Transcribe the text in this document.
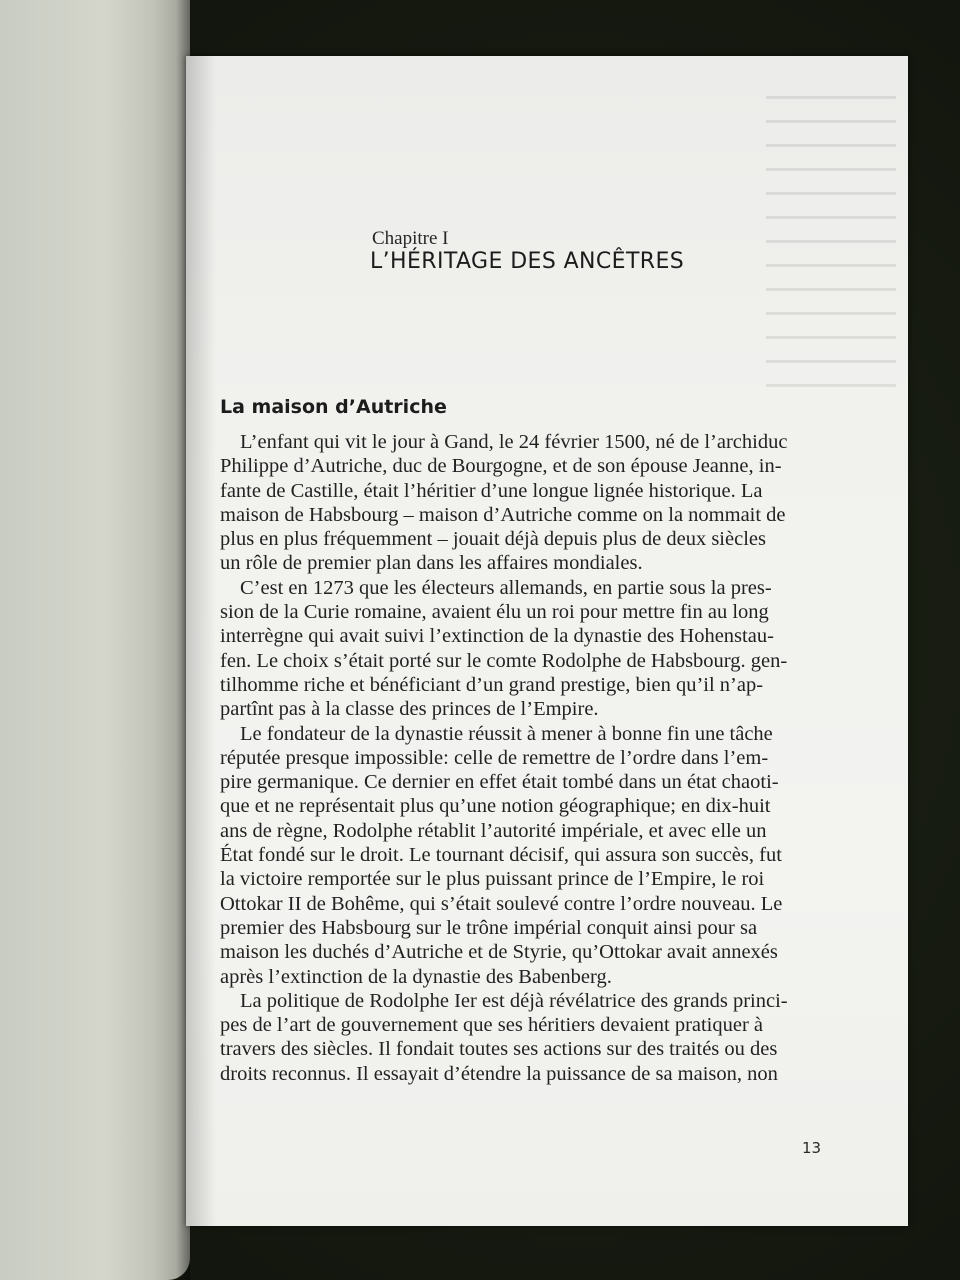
Chapitre I
L’HÉRITAGE DES ANCÊTRES
La maison d’Autriche
L’enfant qui vit le jour à Gand, le 24 février 1500, né de l’archiduc
Philippe d’Autriche, duc de Bourgogne, et de son épouse Jeanne, in-
fante de Castille, était l’héritier d’une longue lignée historique. La
maison de Habsbourg – maison d’Autriche comme on la nommait de
plus en plus fréquemment – jouait déjà depuis plus de deux siècles
un rôle de premier plan dans les affaires mondiales.
C’est en 1273 que les électeurs allemands, en partie sous la pres-
sion de la Curie romaine, avaient élu un roi pour mettre fin au long
interrègne qui avait suivi l’extinction de la dynastie des Hohenstau-
fen. Le choix s’était porté sur le comte Rodolphe de Habsbourg. gen-
tilhomme riche et bénéficiant d’un grand prestige, bien qu’il n’ap-
partînt pas à la classe des princes de l’Empire.
Le fondateur de la dynastie réussit à mener à bonne fin une tâche
réputée presque impossible: celle de remettre de l’ordre dans l’em-
pire germanique. Ce dernier en effet était tombé dans un état chaoti-
que et ne représentait plus qu’une notion géographique; en dix-huit
ans de règne, Rodolphe rétablit l’autorité impériale, et avec elle un
État fondé sur le droit. Le tournant décisif, qui assura son succès, fut
la victoire remportée sur le plus puissant prince de l’Empire, le roi
Ottokar II de Bohême, qui s’était soulevé contre l’ordre nouveau. Le
premier des Habsbourg sur le trône impérial conquit ainsi pour sa
maison les duchés d’Autriche et de Styrie, qu’Ottokar avait annexés
après l’extinction de la dynastie des Babenberg.
La politique de Rodolphe Ier est déjà révélatrice des grands princi-
pes de l’art de gouvernement que ses héritiers devaient pratiquer à
travers des siècles. Il fondait toutes ses actions sur des traités ou des
droits reconnus. Il essayait d’étendre la puissance de sa maison, non
13
